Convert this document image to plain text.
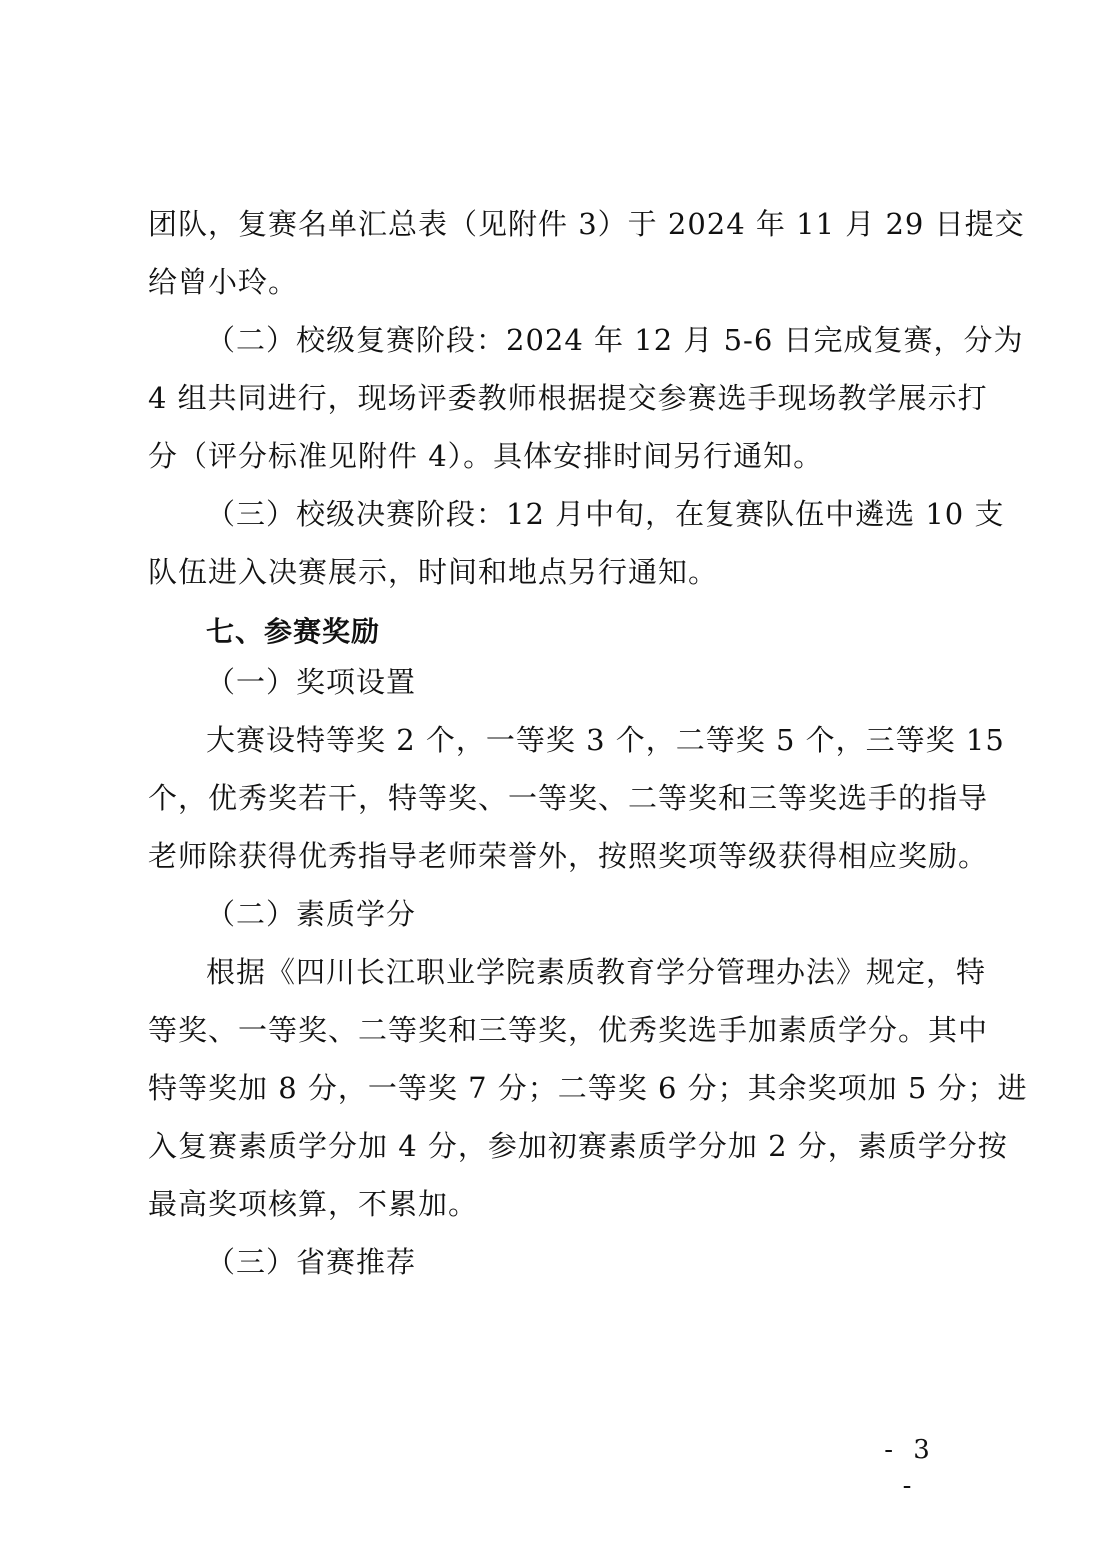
团队，复赛名单汇总表（见附件 3）于 2024 年 11 月 29 日提交
给曾小玲。
（二）校级复赛阶段：2024 年 12 月 5-6 日完成复赛，分为
4 组共同进行，现场评委教师根据提交参赛选手现场教学展示打
分（评分标准见附件 4）。具体安排时间另行通知。
（三）校级决赛阶段：12 月中旬，在复赛队伍中遴选 10 支
队伍进入决赛展示，时间和地点另行通知。
七、参赛奖励
（一）奖项设置
大赛设特等奖 2 个，一等奖 3 个，二等奖 5 个，三等奖 15
个，优秀奖若干，特等奖、一等奖、二等奖和三等奖选手的指导
老师除获得优秀指导老师荣誉外，按照奖项等级获得相应奖励。
（二）素质学分
根据《四川长江职业学院素质教育学分管理办法》规定，特
等奖、一等奖、二等奖和三等奖，优秀奖选手加素质学分。其中
特等奖加 8 分，一等奖 7 分；二等奖 6 分；其余奖项加 5 分；进
入复赛素质学分加 4 分，参加初赛素质学分加 2 分，素质学分按
最高奖项核算，不累加。
（三）省赛推荐
- 3 -
